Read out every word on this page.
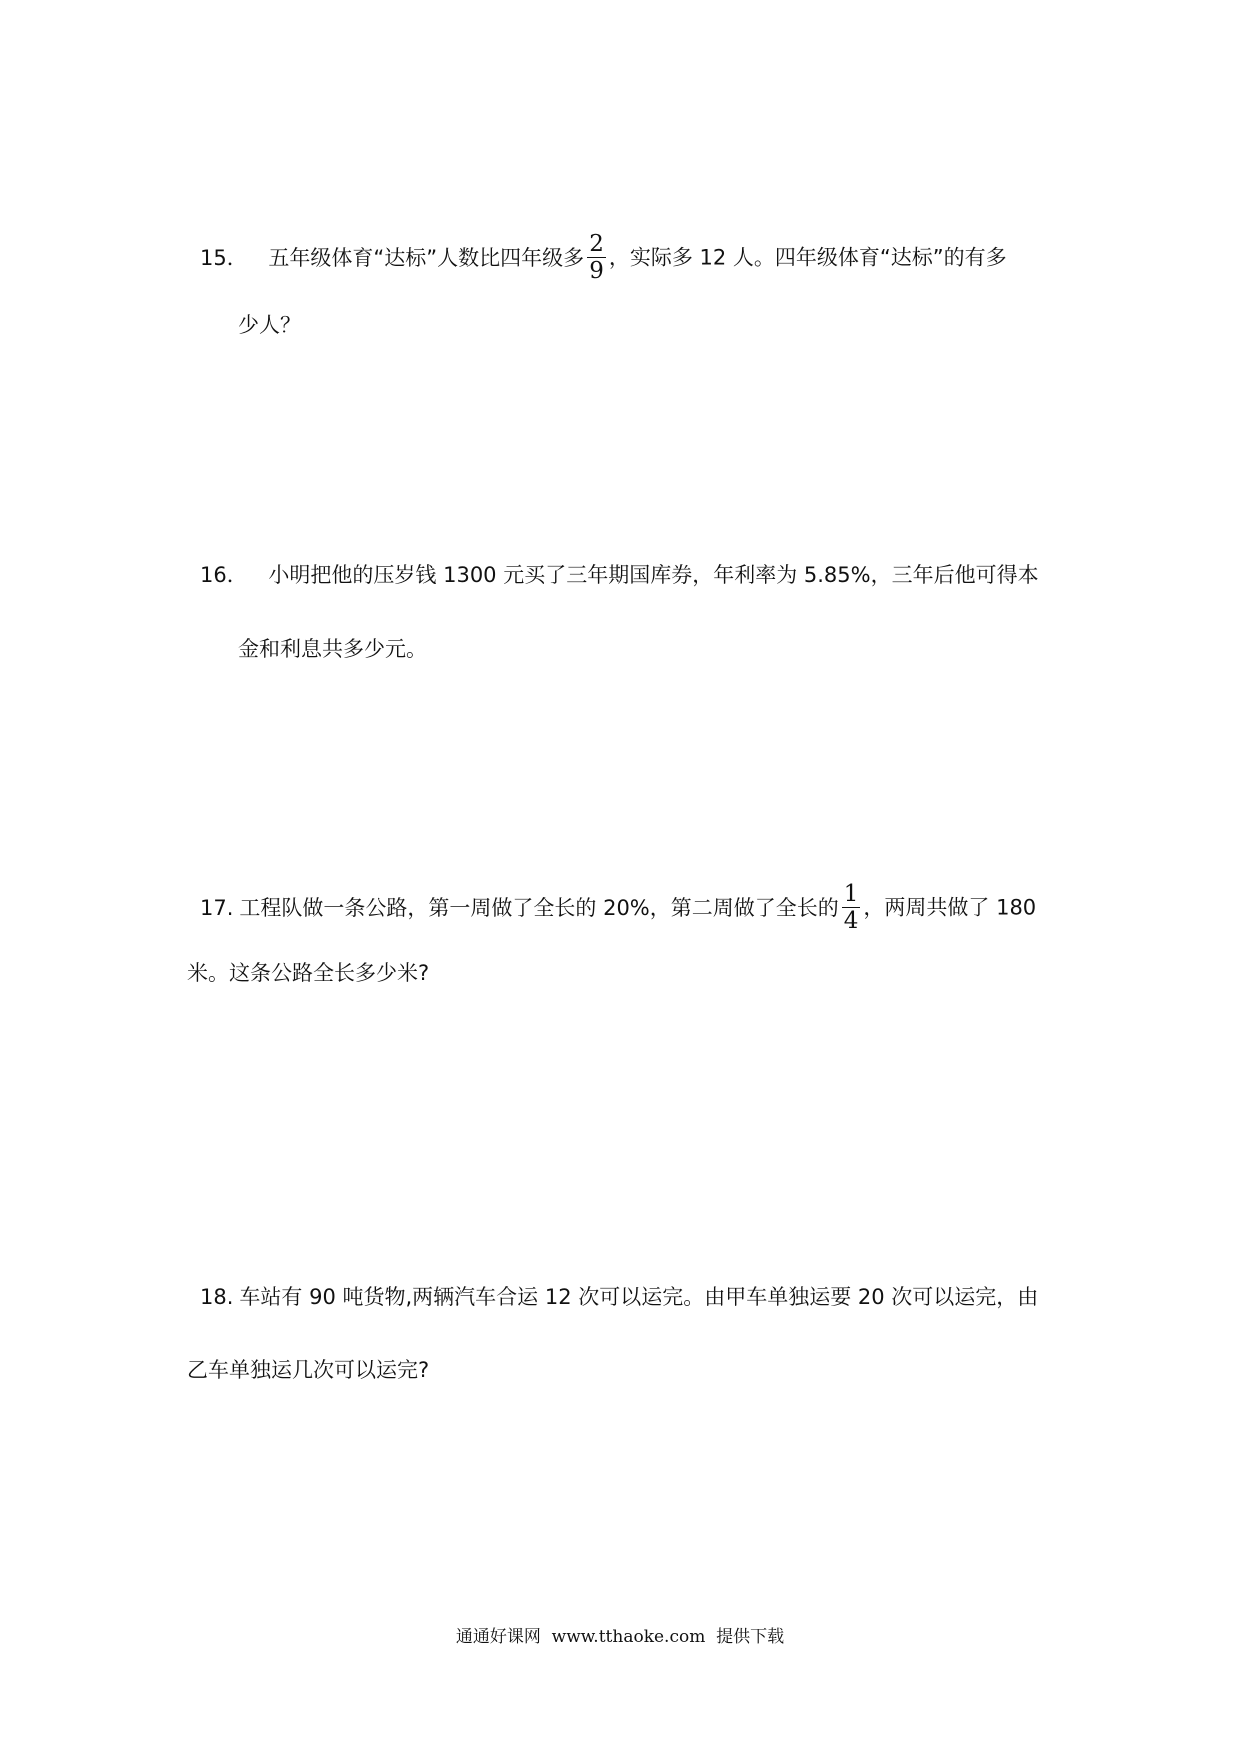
15． 五年级体育“达标”人数比四年级多 $\frac{2}{9}$ ，实际多 12 人。四年级体育“达标”的有多
少人？
16． 小明把他的压岁钱 1300 元买了三年期国库券，年利率为 5.85%，三年后他可得本
金和利息共多少元。
17. 工程队做一条公路，第一周做了全长的 20%，第二周做了全长的 $\frac{1}{4}$ ，两周共做了 180
米。这条公路全长多少米?
18. 车站有 90 吨货物,两辆汽车合运 12 次可以运完。由甲车单独运要 20 次可以运完，由
乙车单独运几次可以运完?
通通好课网  www.tthaoke.com  提供下载
